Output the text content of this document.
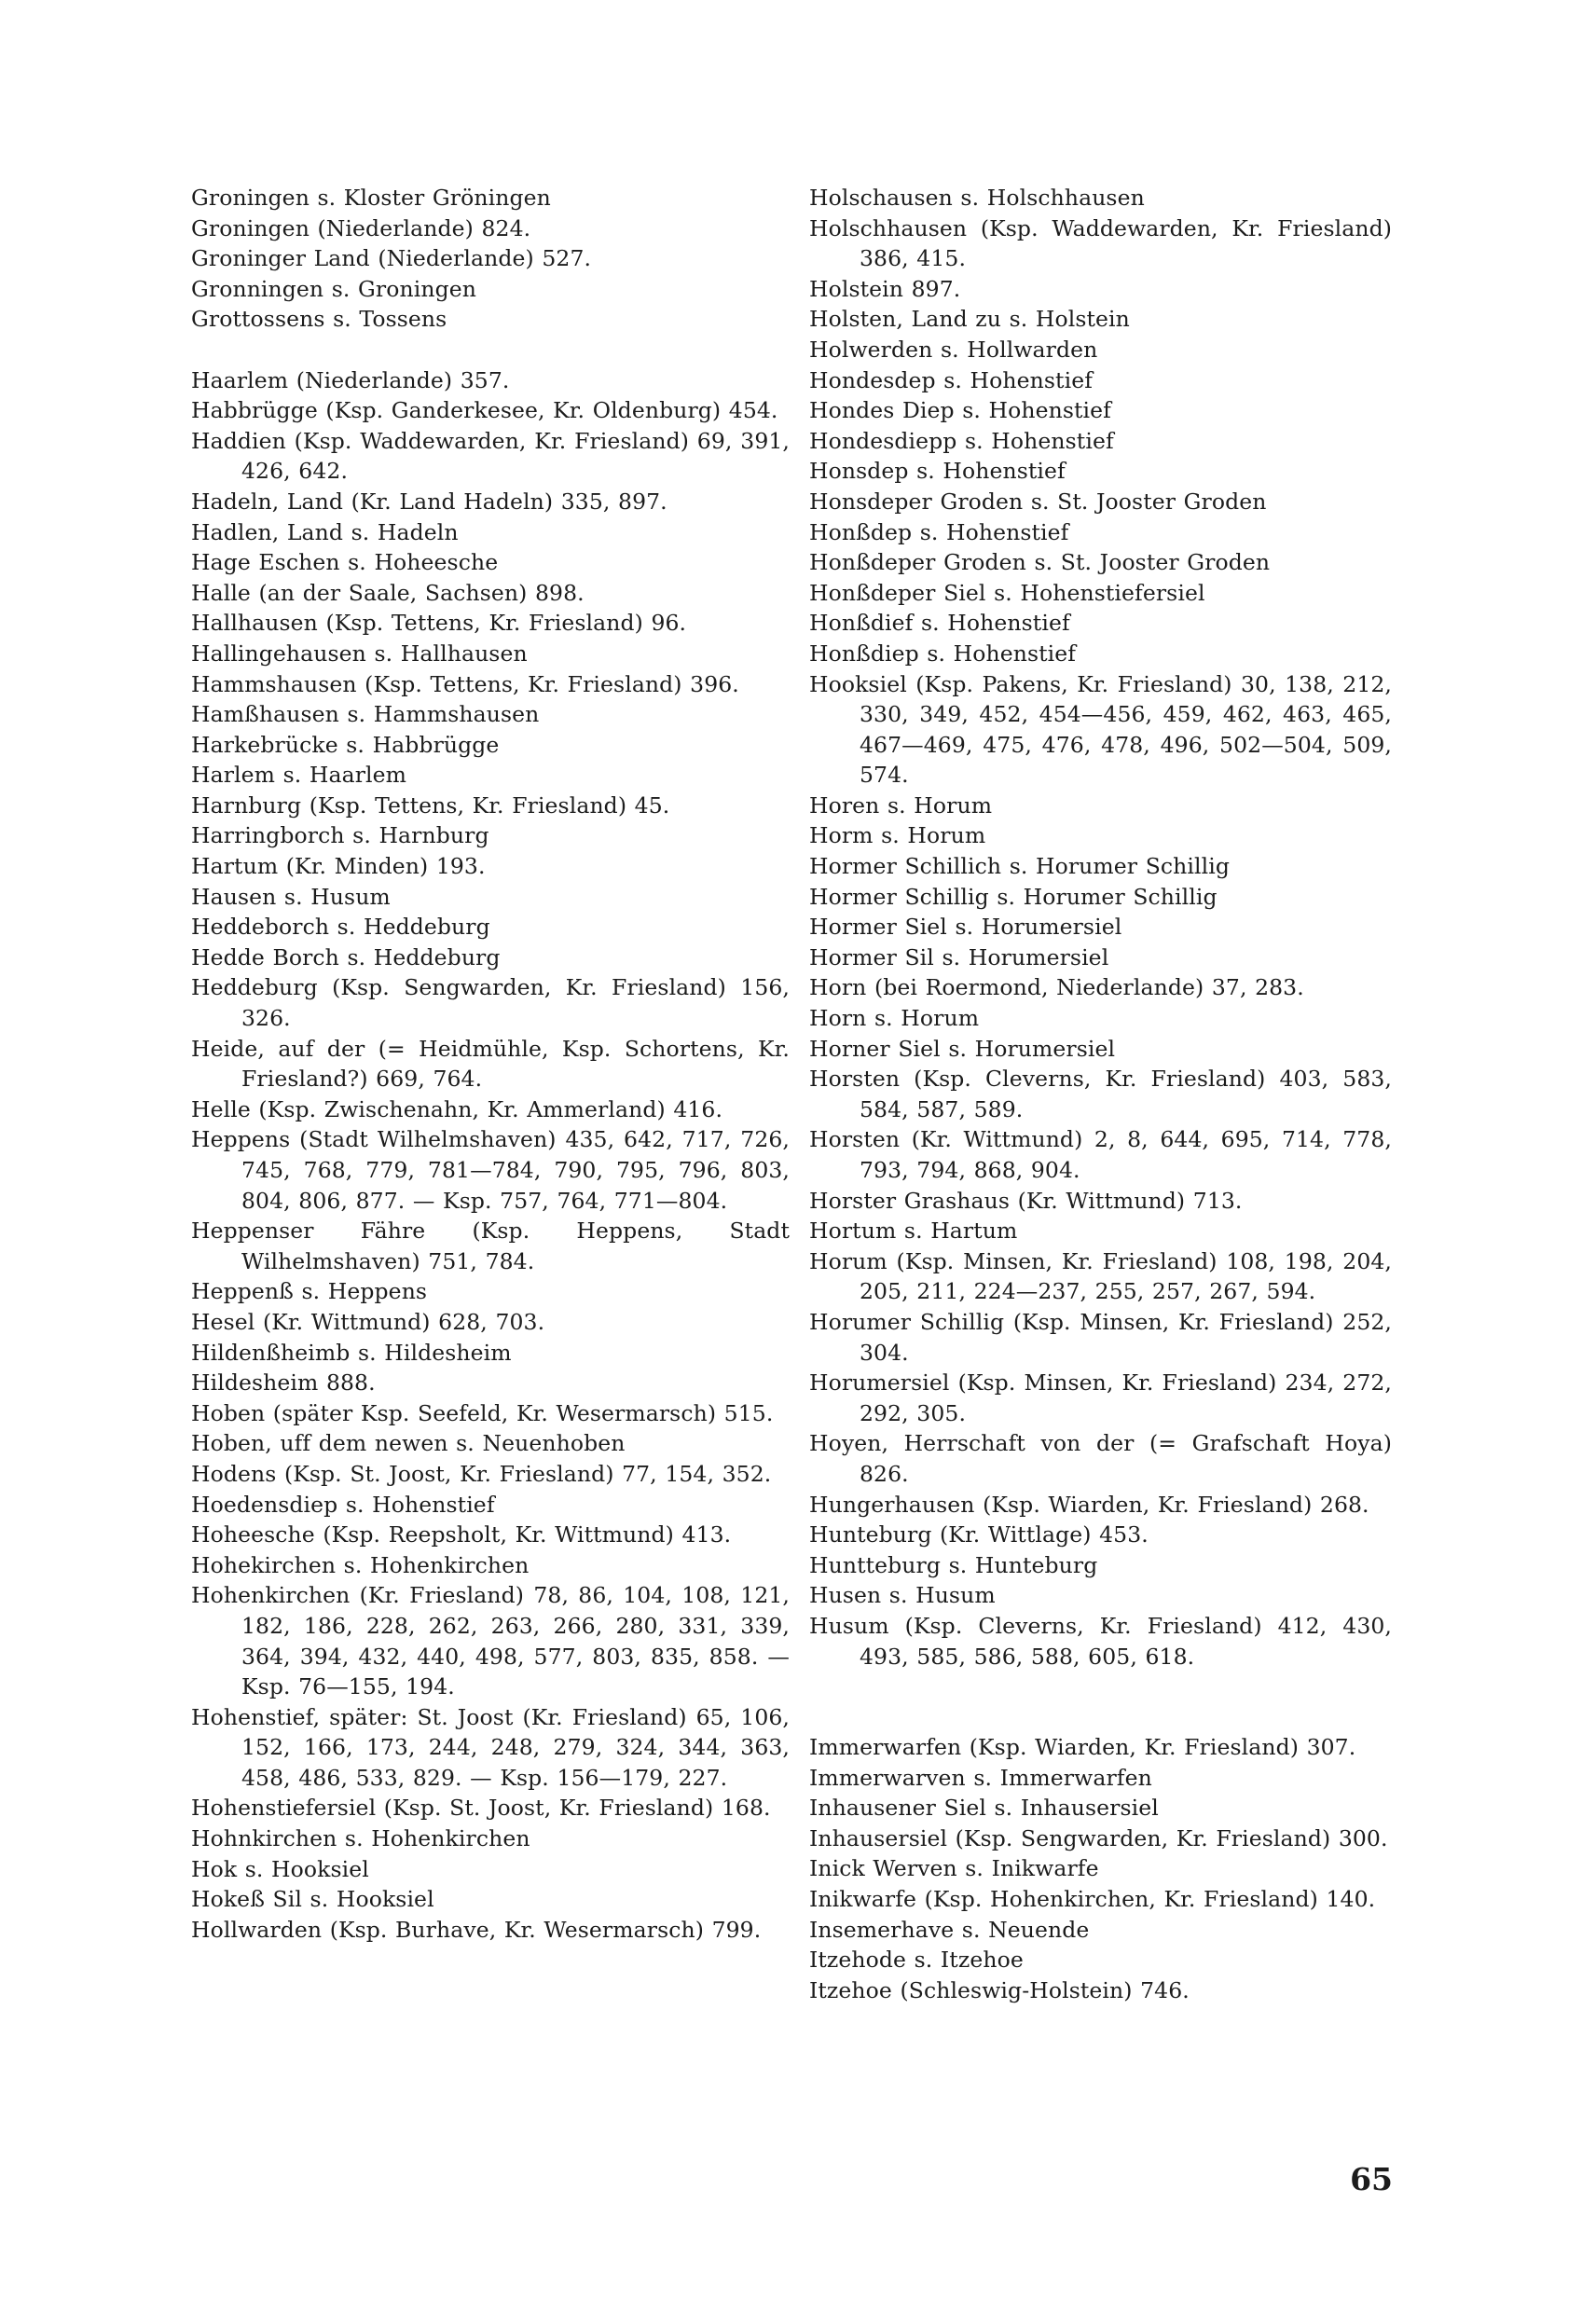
Groningen s. Kloster Gröningen
Groningen (Niederlande) 824.
Groninger Land (Niederlande) 527.
Gronningen s. Groningen
Grottossens s. Tossens
Haarlem (Niederlande) 357.
Habbrügge (Ksp. Ganderkesee, Kr. Oldenburg) 454.
Haddien (Ksp. Waddewarden, Kr. Friesland) 69, 391, 426, 642.
Hadeln, Land (Kr. Land Hadeln) 335, 897.
Hadlen, Land s. Hadeln
Hage Eschen s. Hoheesche
Halle (an der Saale, Sachsen) 898.
Hallhausen (Ksp. Tettens, Kr. Friesland) 96.
Hallingehausen s. Hallhausen
Hammshausen (Ksp. Tettens, Kr. Friesland) 396.
Hamßhausen s. Hammshausen
Harkebrücke s. Habbrügge
Harlem s. Haarlem
Harnburg (Ksp. Tettens, Kr. Friesland) 45.
Harringborch s. Harnburg
Hartum (Kr. Minden) 193.
Hausen s. Husum
Heddeborch s. Heddeburg
Hedde Borch s. Heddeburg
Heddeburg (Ksp. Sengwarden, Kr. Friesland) 156, 326.
Heide, auf der (= Heidmühle, Ksp. Schortens, Kr. Friesland?) 669, 764.
Helle (Ksp. Zwischenahn, Kr. Ammerland) 416.
Heppens (Stadt Wilhelmshaven) 435, 642, 717, 726, 745, 768, 779, 781—784, 790, 795, 796, 803, 804, 806, 877. — Ksp. 757, 764, 771—804.
Heppenser Fähre (Ksp. Heppens, Stadt Wilhelmshaven) 751, 784.
Heppenß s. Heppens
Hesel (Kr. Wittmund) 628, 703.
Hildenßheimb s. Hildesheim
Hildesheim 888.
Hoben (später Ksp. Seefeld, Kr. Wesermarsch) 515.
Hoben, uff dem newen s. Neuenhoben
Hodens (Ksp. St. Joost, Kr. Friesland) 77, 154, 352.
Hoedensdiep s. Hohenstief
Hoheesche (Ksp. Reepsholt, Kr. Wittmund) 413.
Hohekirchen s. Hohenkirchen
Hohenkirchen (Kr. Friesland) 78, 86, 104, 108, 121, 182, 186, 228, 262, 263, 266, 280, 331, 339, 364, 394, 432, 440, 498, 577, 803, 835, 858. — Ksp. 76—155, 194.
Hohenstief, später: St. Joost (Kr. Friesland) 65, 106, 152, 166, 173, 244, 248, 279, 324, 344, 363, 458, 486, 533, 829. — Ksp. 156—179, 227.
Hohenstiefersiel (Ksp. St. Joost, Kr. Friesland) 168.
Hohnkirchen s. Hohenkirchen
Hok s. Hooksiel
Hokeß Sil s. Hooksiel
Hollwarden (Ksp. Burhave, Kr. Wesermarsch) 799.
Holschausen s. Holschhausen
Holschhausen (Ksp. Waddewarden, Kr. Friesland) 386, 415.
Holstein 897.
Holsten, Land zu s. Holstein
Holwerden s. Hollwarden
Hondesdep s. Hohenstief
Hondes Diep s. Hohenstief
Hondesdiepp s. Hohenstief
Honsdep s. Hohenstief
Honsdeper Groden s. St. Jooster Groden
Honßdep s. Hohenstief
Honßdeper Groden s. St. Jooster Groden
Honßdeper Siel s. Hohenstiefersiel
Honßdief s. Hohenstief
Honßdiep s. Hohenstief
Hooksiel (Ksp. Pakens, Kr. Friesland) 30, 138, 212, 330, 349, 452, 454—456, 459, 462, 463, 465, 467—469, 475, 476, 478, 496, 502—504, 509, 574.
Horen s. Horum
Horm s. Horum
Hormer Schillich s. Horumer Schillig
Hormer Schillig s. Horumer Schillig
Hormer Siel s. Horumersiel
Hormer Sil s. Horumersiel
Horn (bei Roermond, Niederlande) 37, 283.
Horn s. Horum
Horner Siel s. Horumersiel
Horsten (Ksp. Cleverns, Kr. Friesland) 403, 583, 584, 587, 589.
Horsten (Kr. Wittmund) 2, 8, 644, 695, 714, 778, 793, 794, 868, 904.
Horster Grashaus (Kr. Wittmund) 713.
Hortum s. Hartum
Horum (Ksp. Minsen, Kr. Friesland) 108, 198, 204, 205, 211, 224—237, 255, 257, 267, 594.
Horumer Schillig (Ksp. Minsen, Kr. Friesland) 252, 304.
Horumersiel (Ksp. Minsen, Kr. Friesland) 234, 272, 292, 305.
Hoyen, Herrschaft von der (= Grafschaft Hoya) 826.
Hungerhausen (Ksp. Wiarden, Kr. Friesland) 268.
Hunteburg (Kr. Wittlage) 453.
Huntteburg s. Hunteburg
Husen s. Husum
Husum (Ksp. Cleverns, Kr. Friesland) 412, 430, 493, 585, 586, 588, 605, 618.
Immerwarfen (Ksp. Wiarden, Kr. Friesland) 307.
Immerwarven s. Immerwarfen
Inhausener Siel s. Inhausersiel
Inhausersiel (Ksp. Sengwarden, Kr. Friesland) 300.
Inick Werven s. Inikwarfe
Inikwarfe (Ksp. Hohenkirchen, Kr. Friesland) 140.
Insemerhave s. Neuende
Itzehode s. Itzehoe
Itzehoe (Schleswig-Holstein) 746.
65
